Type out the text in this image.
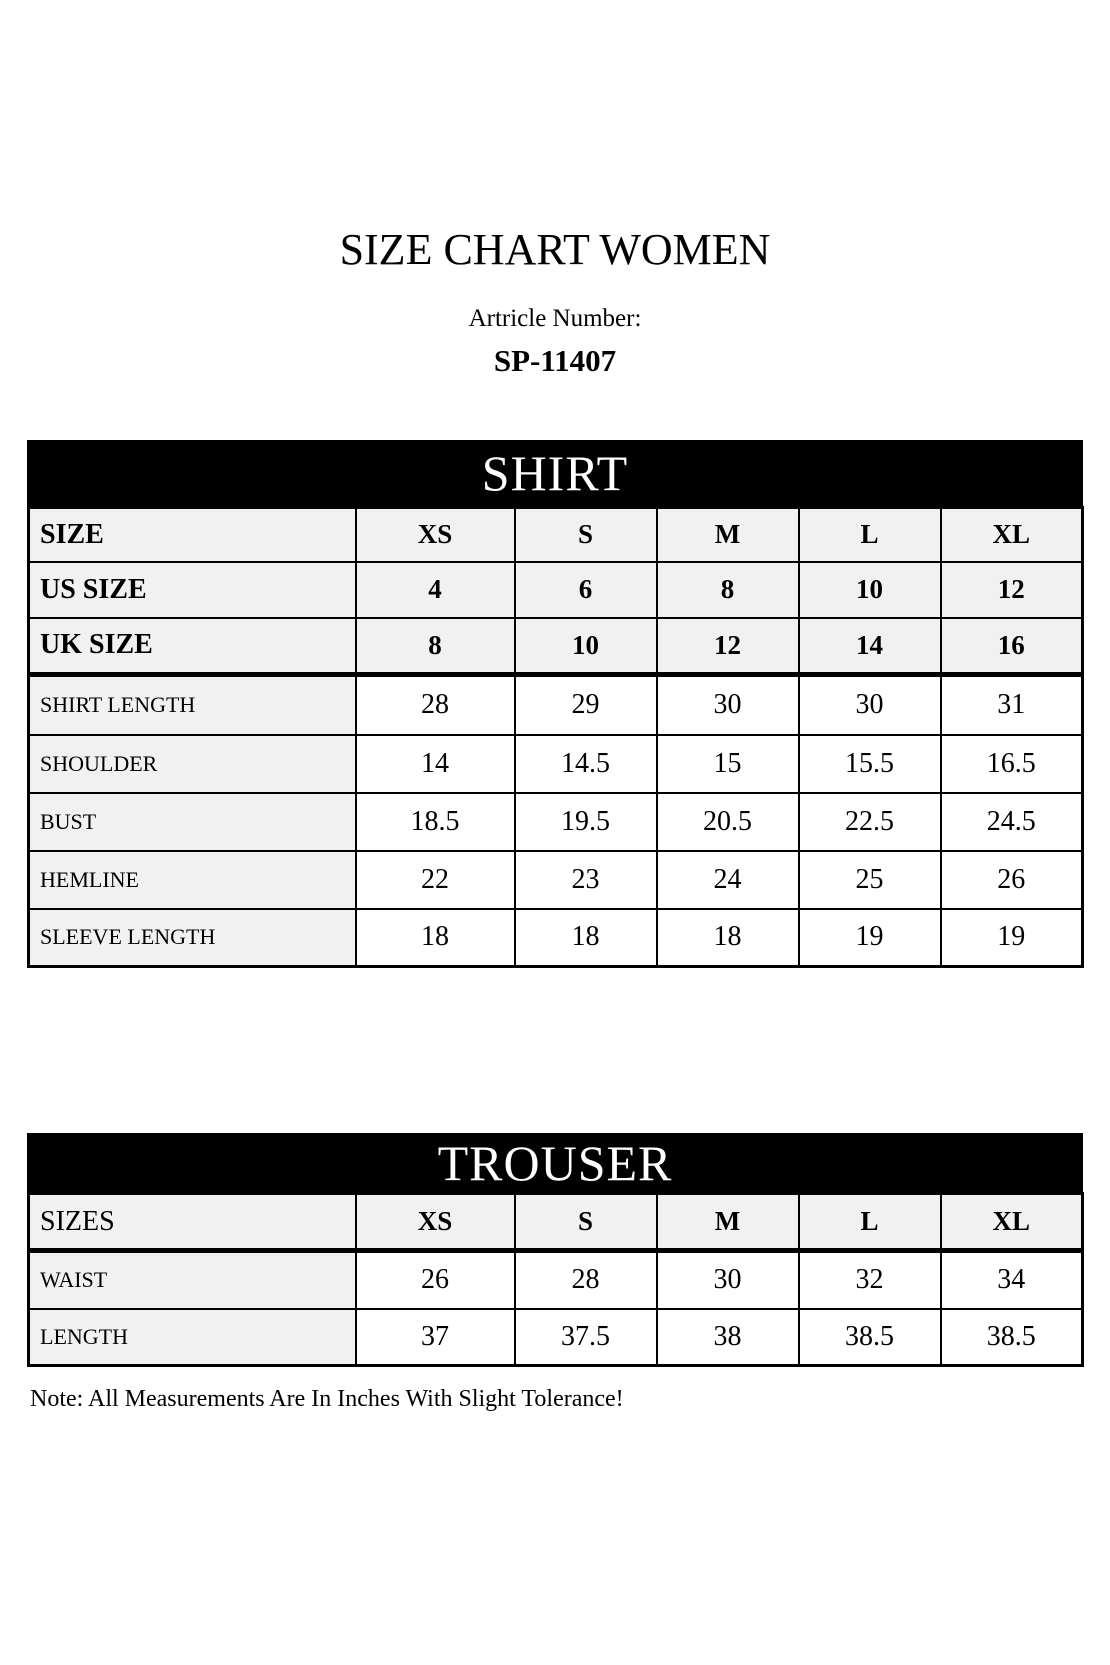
SIZE CHART WOMEN
Artricle Number:
SP-11407
SHIRT
SIZE	XS	S	M	L	XL
US SIZE	4	6	8	10	12
UK SIZE	8	10	12	14	16
SHIRT LENGTH	28	29	30	30	31
SHOULDER	14	14.5	15	15.5	16.5
BUST	18.5	19.5	20.5	22.5	24.5
HEMLINE	22	23	24	25	26
SLEEVE LENGTH	18	18	18	19	19
TROUSER
SIZES	XS	S	M	L	XL
WAIST	26	28	30	32	34
LENGTH	37	37.5	38	38.5	38.5
Note: All Measurements Are In Inches With Slight Tolerance!
